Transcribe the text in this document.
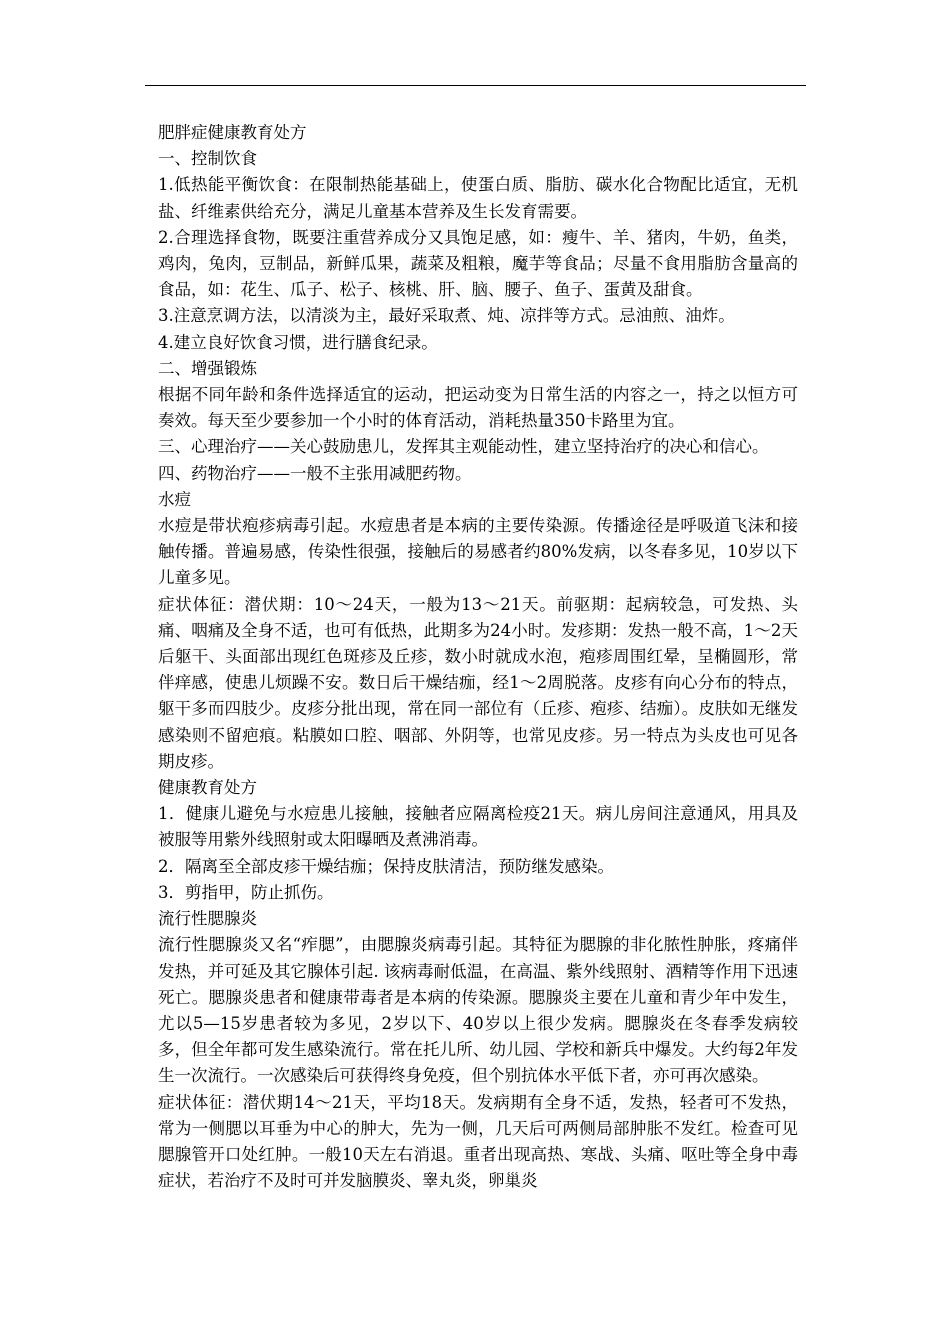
肥胖症健康教育处方

一、控制饮食

1.低热能平衡饮食：在限制热能基础上，使蛋白质、脂肪、碳水化合物配比适宜，无机盐、纤维素供给充分，满足儿童基本营养及生长发育需要。

2.合理选择食物，既要注重营养成分又具饱足感，如：瘦牛、羊、猪肉，牛奶，鱼类，鸡肉，兔肉，豆制品，新鲜瓜果，蔬菜及粗粮，魔芋等食品；尽量不食用脂肪含量高的食品，如：花生、瓜子、松子、核桃、肝、脑、腰子、鱼子、蛋黄及甜食。

3.注意烹调方法，以清淡为主，最好采取煮、炖、凉拌等方式。忌油煎、油炸。

4.建立良好饮食习惯，进行膳食纪录。

二、增强锻炼

根据不同年龄和条件选择适宜的运动，把运动变为日常生活的内容之一，持之以恒方可奏效。每天至少要参加一个小时的体育活动，消耗热量350卡路里为宜。

三、心理治疗——关心鼓励患儿，发挥其主观能动性，建立坚持治疗的决心和信心。

四、药物治疗——一般不主张用减肥药物。

水痘

水痘是带状疱疹病毒引起。水痘患者是本病的主要传染源。传播途径是呼吸道飞沫和接触传播。普遍易感，传染性很强，接触后的易感者约80%发病，以冬春多见，10岁以下儿童多见。

症状体征：潜伏期：10～24天，一般为13～21天。前驱期：起病较急，可发热、头痛、咽痛及全身不适，也可有低热，此期多为24小时。发疹期：发热一般不高，1～2天后躯干、头面部出现红色斑疹及丘疹，数小时就成水泡，疱疹周围红晕，呈椭圆形，常伴痒感，使患儿烦躁不安。数日后干燥结痂，经1～2周脱落。皮疹有向心分布的特点，躯干多而四肢少。皮疹分批出现，常在同一部位有（丘疹、疱疹、结痂）。皮肤如无继发感染则不留疤痕。粘膜如口腔、咽部、外阴等，也常见皮疹。另一特点为头皮也可见各期皮疹。

健康教育处方

1．健康儿避免与水痘患儿接触，接触者应隔离检疫21天。病儿房间注意通风，用具及被服等用紫外线照射或太阳曝晒及煮沸消毒。

2．隔离至全部皮疹干燥结痂；保持皮肤清洁，预防继发感染。

3．剪指甲，防止抓伤。

流行性腮腺炎

流行性腮腺炎又名“痄腮”，由腮腺炎病毒引起。其特征为腮腺的非化脓性肿胀，疼痛伴发热，并可延及其它腺体引起. 该病毒耐低温，在高温、紫外线照射、酒精等作用下迅速死亡。腮腺炎患者和健康带毒者是本病的传染源。腮腺炎主要在儿童和青少年中发生，尤以5—15岁患者较为多见，2岁以下、40岁以上很少发病。腮腺炎在冬春季发病较多，但全年都可发生感染流行。常在托儿所、幼儿园、学校和新兵中爆发。大约每2年发生一次流行。一次感染后可获得终身免疫，但个别抗体水平低下者，亦可再次感染。

症状体征：潜伏期14～21天，平均18天。发病期有全身不适，发热，轻者可不发热，常为一侧腮以耳垂为中心的肿大，先为一侧，几天后可两侧局部肿胀不发红。检查可见腮腺管开口处红肿。一般10天左右消退。重者出现高热、寒战、头痛、呕吐等全身中毒症状，若治疗不及时可并发脑膜炎、睾丸炎，卵巢炎
